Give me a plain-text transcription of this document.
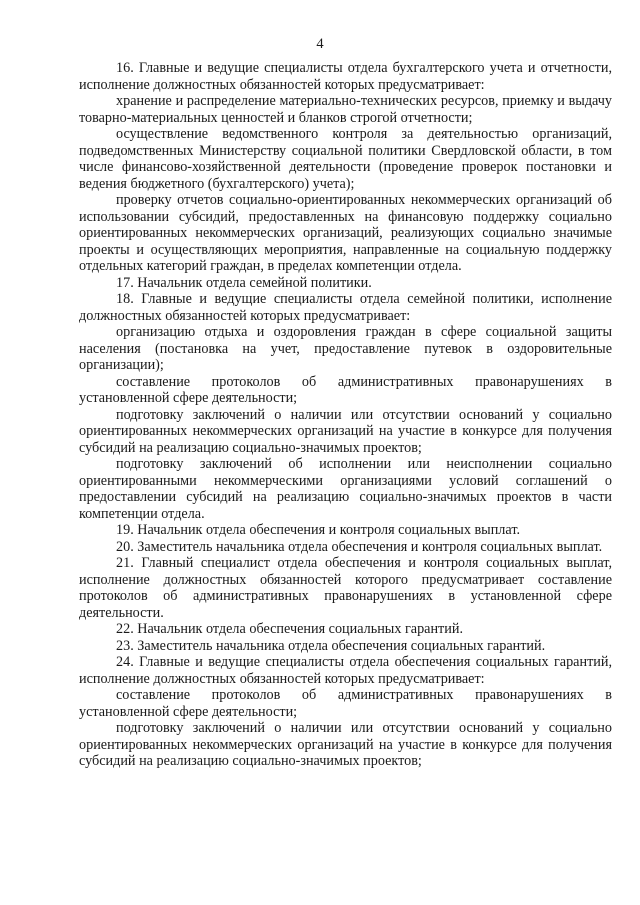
4

16. Главные и ведущие специалисты отдела бухгалтерского учета и отчетности, исполнение должностных обязанностей которых предусматривает:

хранение и распределение материально-технических ресурсов, приемку и выдачу товарно-материальных ценностей и бланков строгой отчетности;

осуществление ведомственного контроля за деятельностью организаций, подведомственных Министерству социальной политики Свердловской области, в том числе финансово-хозяйственной деятельности (проведение проверок постановки и ведения бюджетного (бухгалтерского) учета);

проверку отчетов социально-ориентированных некоммерческих организаций об использовании субсидий, предоставленных на финансовую поддержку социально ориентированных некоммерческих организаций, реализующих социально значимые проекты и осуществляющих мероприятия, направленные на социальную поддержку отдельных категорий граждан, в пределах компетенции отдела.

17. Начальник отдела семейной политики.

18. Главные и ведущие специалисты отдела семейной политики, исполнение должностных обязанностей которых предусматривает:

организацию отдыха и оздоровления граждан в сфере социальной защиты населения (постановка на учет, предоставление путевок в оздоровительные организации);

составление протоколов об административных правонарушениях в установленной сфере деятельности;

подготовку заключений о наличии или отсутствии оснований у социально ориентированных некоммерческих организаций на участие в конкурсе для получения субсидий на реализацию социально-значимых проектов;

подготовку заключений об исполнении или неисполнении социально ориентированными некоммерческими организациями условий соглашений о предоставлении субсидий на реализацию социально-значимых проектов в части компетенции отдела.

19. Начальник отдела обеспечения и контроля социальных выплат.

20. Заместитель начальника отдела обеспечения и контроля социальных выплат.

21. Главный специалист отдела обеспечения и контроля социальных выплат, исполнение должностных обязанностей которого предусматривает составление протоколов об административных правонарушениях в установленной сфере деятельности.

22. Начальник отдела обеспечения социальных гарантий.

23. Заместитель начальника отдела обеспечения социальных гарантий.

24. Главные и ведущие специалисты отдела обеспечения социальных гарантий, исполнение должностных обязанностей которых предусматривает:

составление протоколов об административных правонарушениях в установленной сфере деятельности;

подготовку заключений о наличии или отсутствии оснований у социально ориентированных некоммерческих организаций на участие в конкурсе для получения субсидий на реализацию социально-значимых проектов;
